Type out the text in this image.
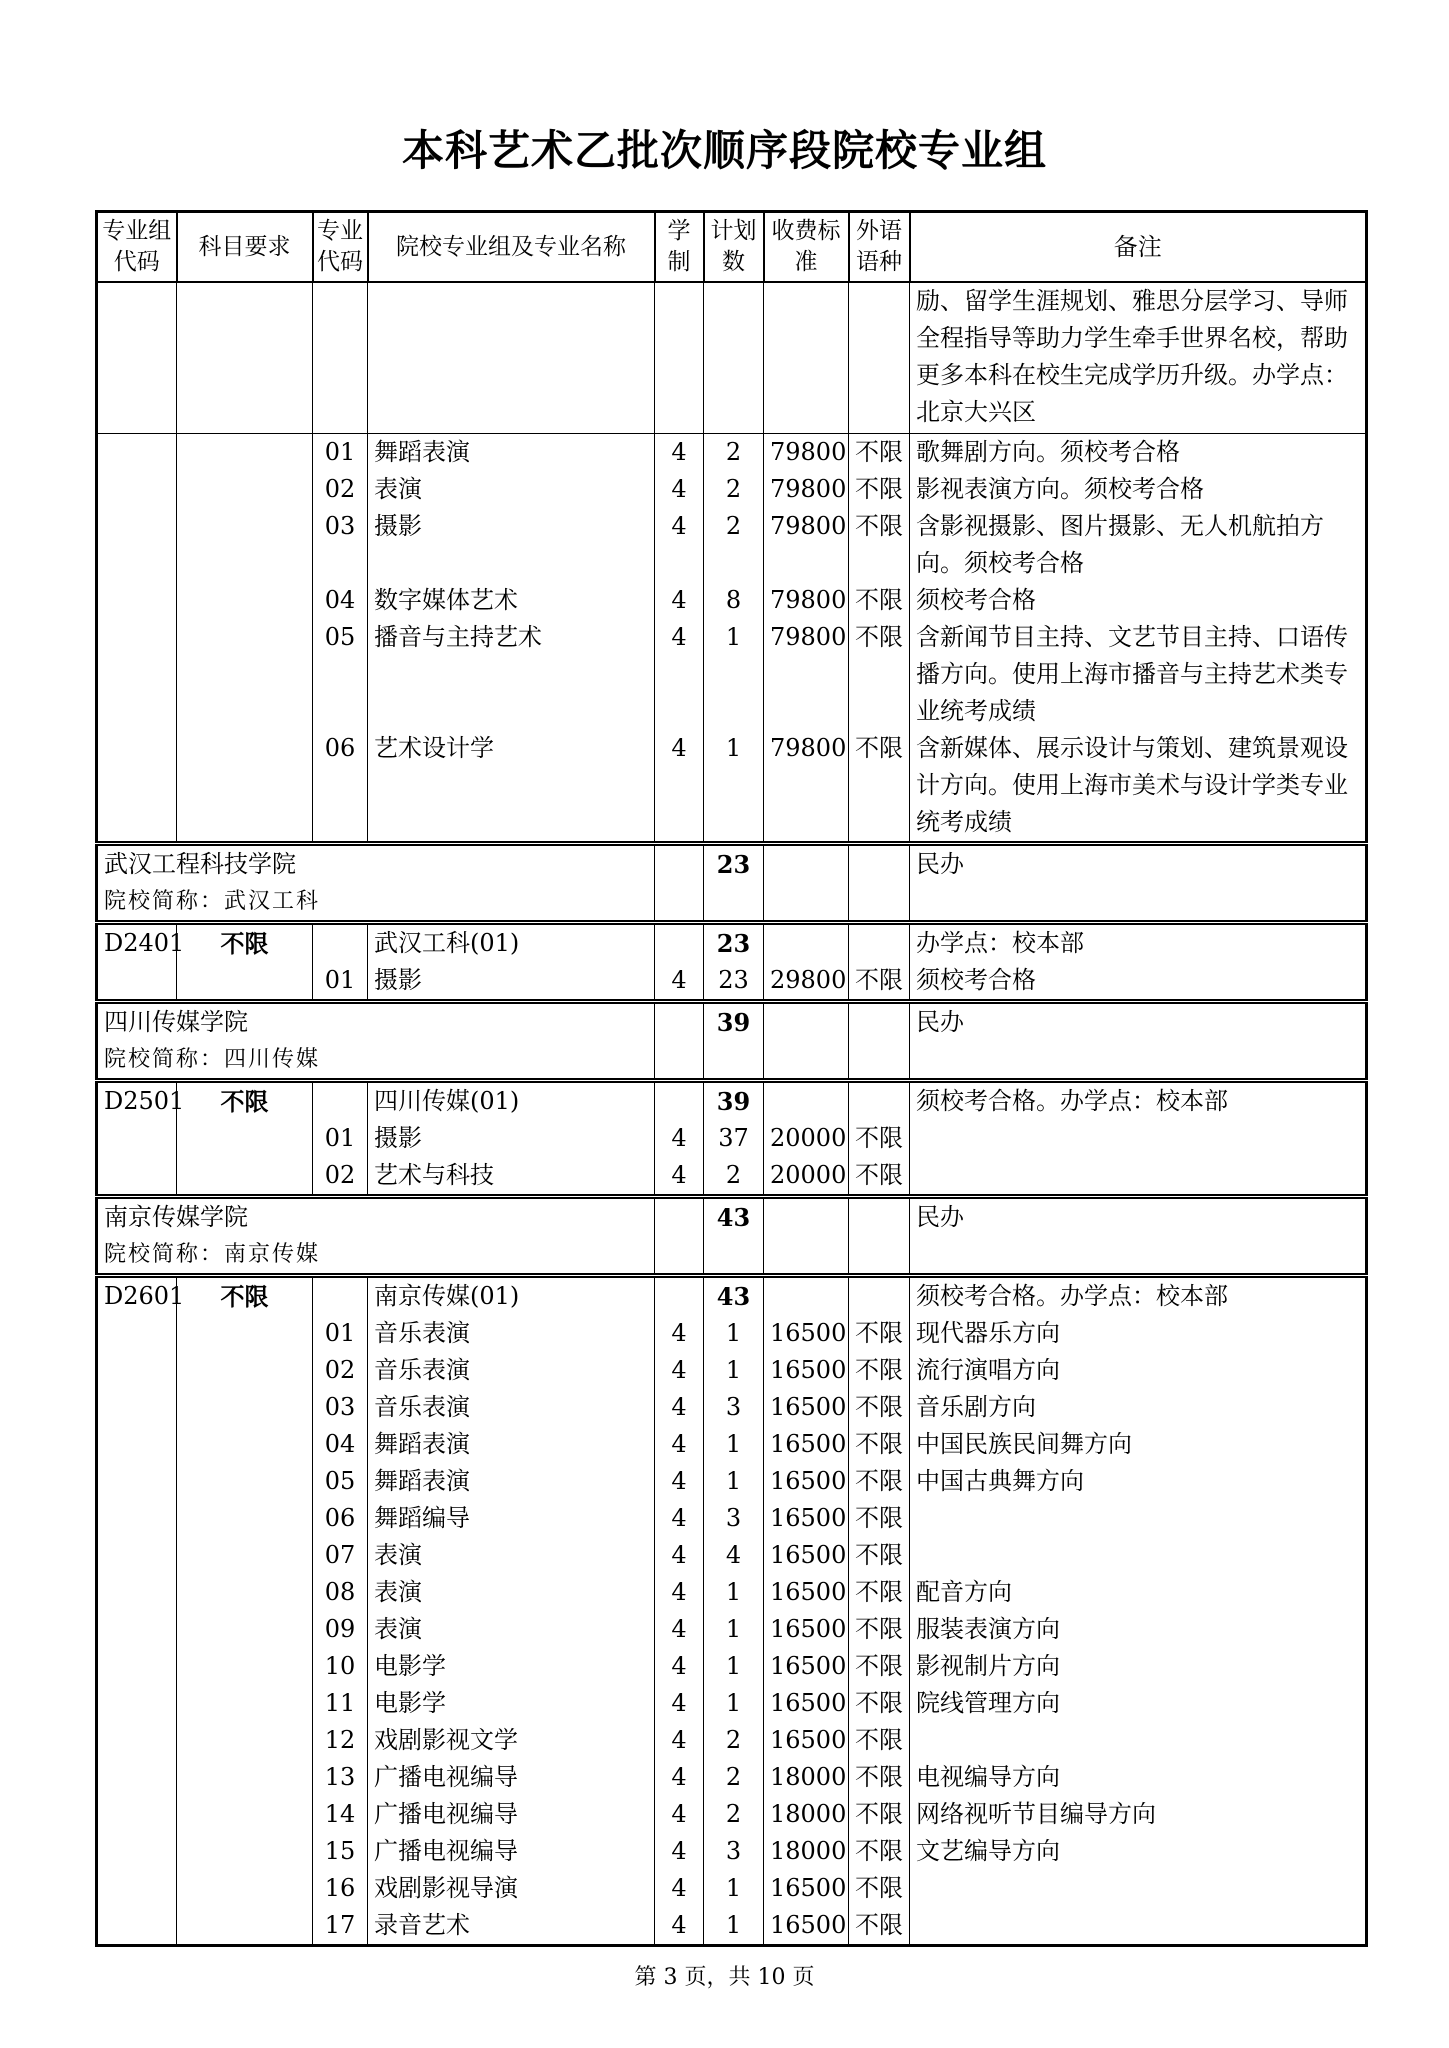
本科艺术乙批次顺序段院校专业组
专业组代码	科目要求	专业代码	院校专业组及专业名称	学制	计划数	收费标准	外语语种	备注
								励、留学生涯规划、雅思分层学习、导师全程指导等助力学生牵手世界名校，帮助更多本科在校生完成学历升级。办学点：北京大兴区
		01	舞蹈表演	4	2	79800	不限	歌舞剧方向。须校考合格
		02	表演	4	2	79800	不限	影视表演方向。须校考合格
		03	摄影	4	2	79800	不限	含影视摄影、图片摄影、无人机航拍方向。须校考合格
		04	数字媒体艺术	4	8	79800	不限	须校考合格
		05	播音与主持艺术	4	1	79800	不限	含新闻节目主持、文艺节目主持、口语传播方向。使用上海市播音与主持艺术类专业统考成绩
		06	艺术设计学	4	1	79800	不限	含新媒体、展示设计与策划、建筑景观设计方向。使用上海市美术与设计学类专业统考成绩

武汉工程科技学院
院校简称：武汉工科					23			民办
D2401	不限		武汉工科(01)		23			办学点：校本部
		01	摄影	4	23	29800	不限	须校考合格

四川传媒学院
院校简称：四川传媒					39			民办
D2501	不限		四川传媒(01)		39			须校考合格。办学点：校本部
		01	摄影	4	37	20000	不限	
		02	艺术与科技	4	2	20000	不限	

南京传媒学院
院校简称：南京传媒					43			民办
D2601	不限		南京传媒(01)		43			须校考合格。办学点：校本部
		01	音乐表演	4	1	16500	不限	现代器乐方向
		02	音乐表演	4	1	16500	不限	流行演唱方向
		03	音乐表演	4	3	16500	不限	音乐剧方向
		04	舞蹈表演	4	1	16500	不限	中国民族民间舞方向
		05	舞蹈表演	4	1	16500	不限	中国古典舞方向
		06	舞蹈编导	4	3	16500	不限	
		07	表演	4	4	16500	不限	
		08	表演	4	1	16500	不限	配音方向
		09	表演	4	1	16500	不限	服装表演方向
		10	电影学	4	1	16500	不限	影视制片方向
		11	电影学	4	1	16500	不限	院线管理方向
		12	戏剧影视文学	4	2	16500	不限	
		13	广播电视编导	4	2	18000	不限	电视编导方向
		14	广播电视编导	4	2	18000	不限	网络视听节目编导方向
		15	广播电视编导	4	3	18000	不限	文艺编导方向
		16	戏剧影视导演	4	1	16500	不限	
		17	录音艺术	4	1	16500	不限	
第 3 页，共 10 页
